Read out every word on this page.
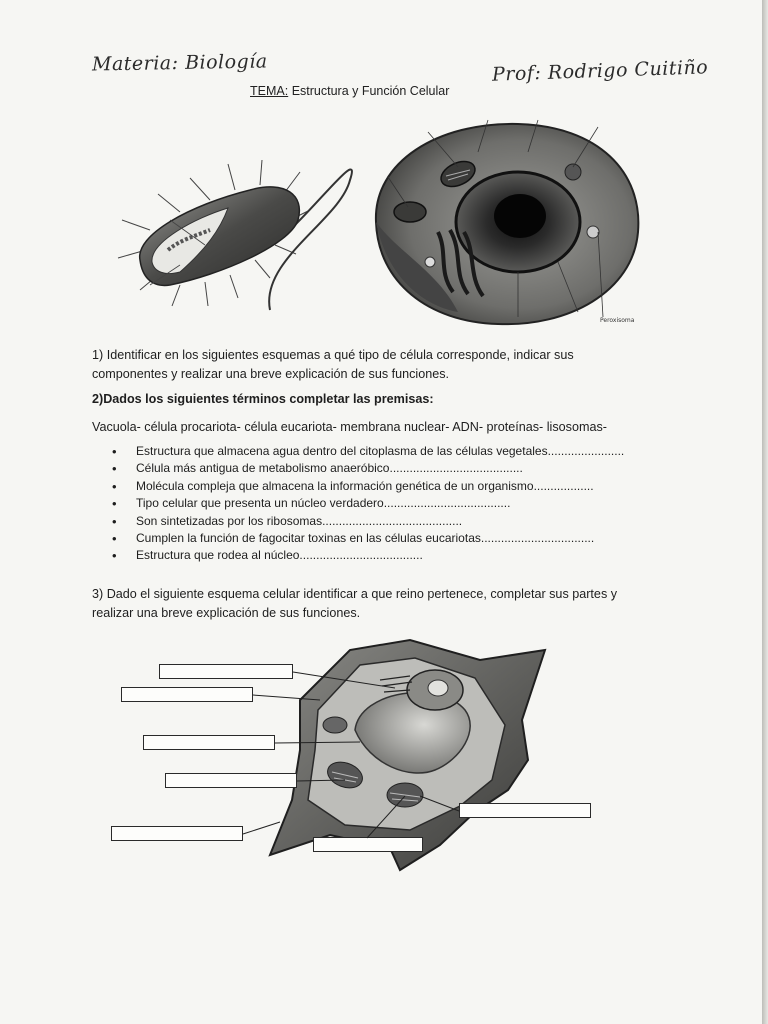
Materia: Biología	Prof: Rodrigo Cuitiño
TEMA: Estructura y Función Celular
Peroxisoma
1) Identificar en los siguientes esquemas a qué tipo de célula corresponde, indicar sus componentes y realizar una breve explicación de sus funciones.
2)Dados los siguientes términos completar las premisas:
Vacuola- célula procariota- célula eucariota- membrana nuclear- ADN- proteínas- lisosomas-
• Estructura que almacena agua dentro del citoplasma de las células vegetales.......................
• Célula más antigua de metabolismo anaeróbico........................................
• Molécula compleja que almacena la información genética de un organismo..................
• Tipo celular que presenta un núcleo verdadero......................................
• Son sintetizadas por los ribosomas..........................................
• Cumplen la función de fagocitar toxinas en las células eucariotas..................................
• Estructura que rodea al núcleo.....................................
3) Dado el siguiente esquema celular identificar a que reino pertenece, completar sus partes y realizar una breve explicación de sus funciones.
